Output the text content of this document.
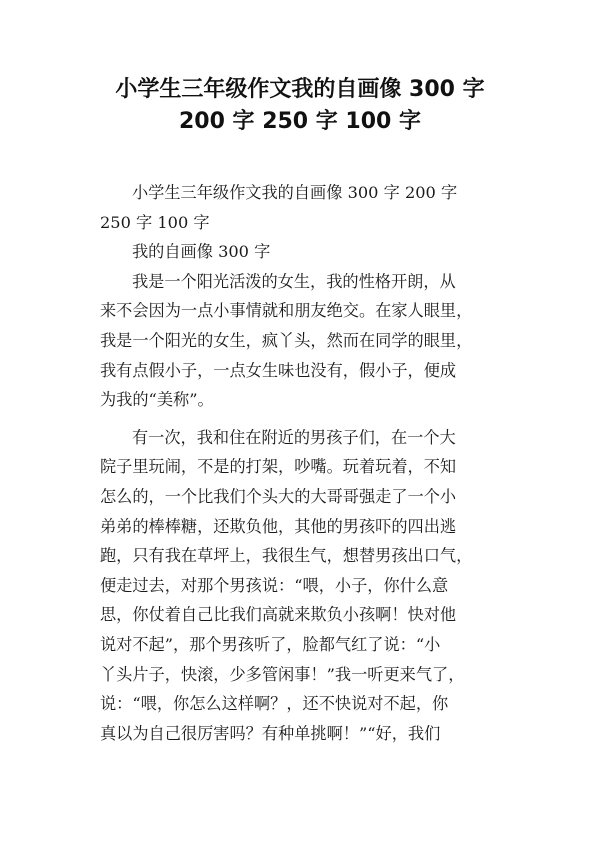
小学生三年级作文我的自画像 300 字
200 字 250 字 100 字
小学生三年级作文我的自画像 300 字 200 字
250 字 100 字
我的自画像 300 字
我是一个阳光活泼的女生，我的性格开朗，从
来不会因为一点小事情就和朋友绝交。在家人眼里，
我是一个阳光的女生，疯丫头，然而在同学的眼里，
我有点假小子，一点女生味也没有，假小子，便成
为我的“美称”。
有一次，我和住在附近的男孩子们，在一个大
院子里玩闹，不是的打架，吵嘴。玩着玩着，不知
怎么的，一个比我们个头大的大哥哥强走了一个小
弟弟的棒棒糖，还欺负他，其他的男孩吓的四出逃
跑，只有我在草坪上，我很生气，想替男孩出口气，
便走过去，对那个男孩说：“喂，小子，你什么意
思，你仗着自己比我们高就来欺负小孩啊！快对他
说对不起”，那个男孩听了，脸都气红了说：“小
丫头片子，快滚，少多管闲事！”我一听更来气了，
说：“喂，你怎么这样啊？，还不快说对不起，你
真以为自己很厉害吗？有种单挑啊！”“好，我们
